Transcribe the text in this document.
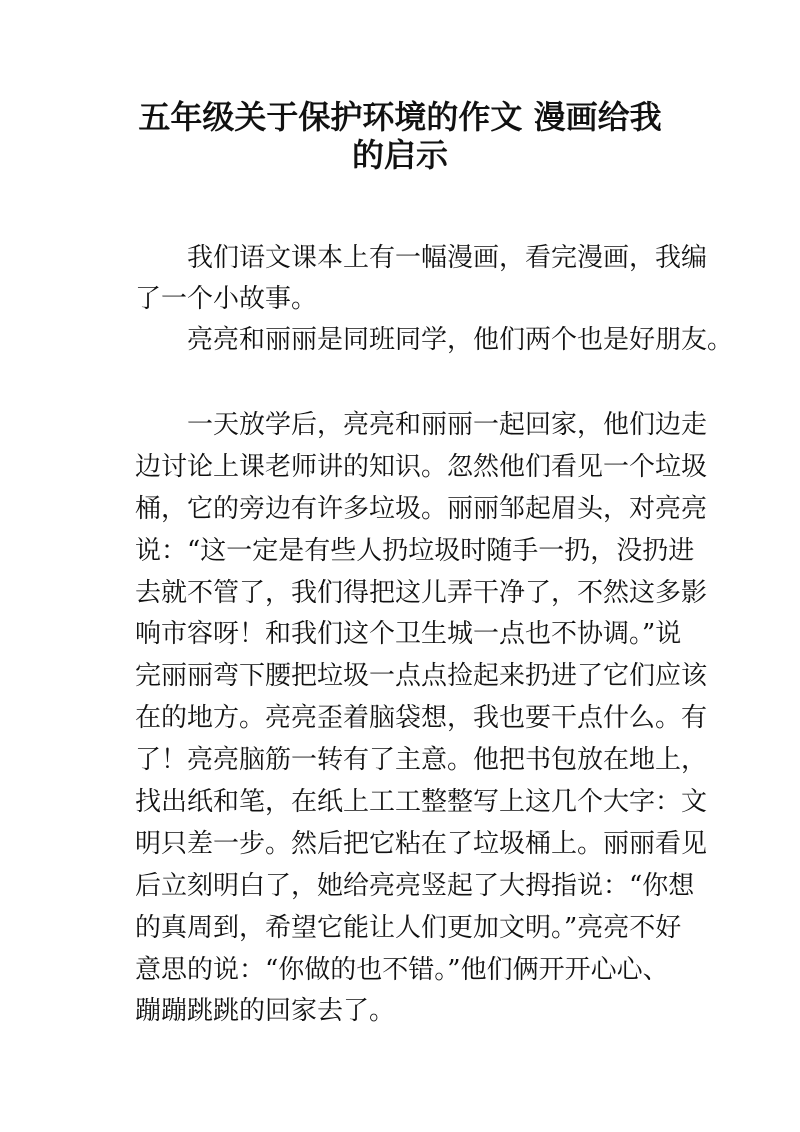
五年级关于保护环境的作文 漫画给我
的启示
　　我们语文课本上有一幅漫画，看完漫画，我编
了一个小故事。
　　亮亮和丽丽是同班同学，他们两个也是好朋友。
　　一天放学后，亮亮和丽丽一起回家，他们边走
边讨论上课老师讲的知识。忽然他们看见一个垃圾
桶，它的旁边有许多垃圾。丽丽邹起眉头，对亮亮
说：“这一定是有些人扔垃圾时随手一扔，没扔进
去就不管了，我们得把这儿弄干净了，不然这多影
响市容呀！和我们这个卫生城一点也不协调。”说
完丽丽弯下腰把垃圾一点点捡起来扔进了它们应该
在的地方。亮亮歪着脑袋想，我也要干点什么。有
了！亮亮脑筋一转有了主意。他把书包放在地上，
找出纸和笔，在纸上工工整整写上这几个大字：文
明只差一步。然后把它粘在了垃圾桶上。丽丽看见
后立刻明白了，她给亮亮竖起了大拇指说：“你想
的真周到，希望它能让人们更加文明。”亮亮不好
意思的说：“你做的也不错。”他们俩开开心心、
蹦蹦跳跳的回家去了。
